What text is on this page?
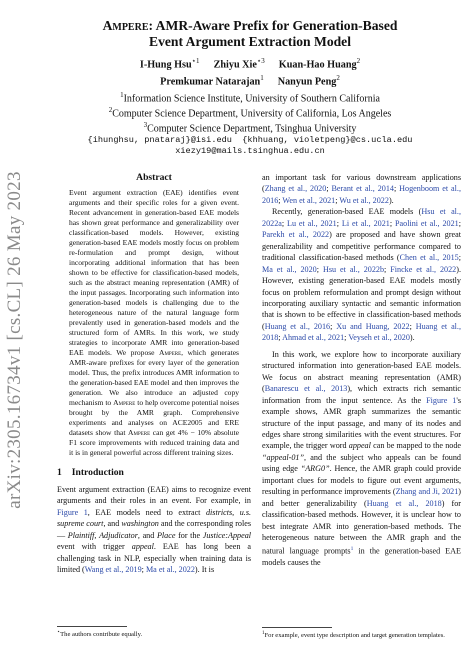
arXiv:2305.16734v1 [cs.CL] 26 May 2023
Ampere: AMR-Aware Prefix for Generation-Based
Event Argument Extraction Model
I-Hung Hsu$^{⋆1}$ Zhiyu Xie$^{⋆3}$ Kuan-Hao Huang$^2$
Premkumar Natarajan$^1$ Nanyun Peng$^2$
$^1$Information Science Institute, University of Southern California
$^2$Computer Science Department, University of California, Los Angeles
$^3$Computer Science Department, Tsinghua University
{ihunghsu, pnataraj}@isi.edu  {khhuang, violetpeng}@cs.ucla.edu
xiezy19@mails.tsinghua.edu.cn
Abstract

Event argument extraction (EAE) identifies event arguments and their specific roles for a given event. Recent advancement in generation-based EAE models has shown great performance and generalizability over classification-based models. However, existing generation-based EAE models mostly focus on problem re-formulation and prompt design, without incorporating additional information that has been shown to be effective for classification-based models, such as the abstract meaning representation (AMR) of the input passages. Incorporating such information into generation-based models is challenging due to the heterogeneous nature of the natural language form prevalently used in generation-based models and the structured form of AMRs. In this work, we study strategies to incorporate AMR into generation-based EAE models. We propose Ampere, which generates AMR-aware prefixes for every layer of the generation model. Thus, the prefix introduces AMR information to the generation-based EAE model and then improves the generation. We also introduce an adjusted copy mechanism to Ampere to help overcome potential noises brought by the AMR graph. Comprehensive experiments and analyses on ACE2005 and ERE datasets show that Ampere can get 4% − 10% absolute F1 score improvements with reduced training data and it is in general powerful across different training sizes.

1 Introduction

Event argument extraction (EAE) aims to recognize event arguments and their roles in an event. For example, in Figure 1, EAE models need to extract districts, u.s. supreme court, and washington and the corresponding roles — Plaintiff, Adjudicator, and Place for the Justice:Appeal event with trigger appeal. EAE has long been a challenging task in NLP, especially when training data is limited (Wang et al., 2019; Ma et al., 2022). It is

an important task for various downstream applications (Zhang et al., 2020; Berant et al., 2014; Hogenboom et al., 2016; Wen et al., 2021; Wu et al., 2022).

Recently, generation-based EAE models (Hsu et al., 2022a; Lu et al., 2021; Li et al., 2021; Paolini et al., 2021; Parekh et al., 2022) are proposed and have shown great generalizability and competitive performance compared to traditional classification-based methods (Chen et al., 2015; Ma et al., 2020; Hsu et al., 2022b; Fincke et al., 2022). However, existing generation-based EAE models mostly focus on problem reformulation and prompt design without incorporating auxiliary syntactic and semantic information that is shown to be effective in classification-based methods (Huang et al., 2016; Xu and Huang, 2022; Huang et al., 2018; Ahmad et al., 2021; Veyseh et al., 2020).

In this work, we explore how to incorporate auxiliary structured information into generation-based EAE models. We focus on abstract meaning representation (AMR) (Banarescu et al., 2013), which extracts rich semantic information from the input sentence. As the Figure 1's example shows, AMR graph summarizes the semantic structure of the input passage, and many of its nodes and edges share strong similarities with the event structures. For example, the trigger word appeal can be mapped to the node “appeal-01”, and the subject who appeals can be found using edge “ARG0”. Hence, the AMR graph could provide important clues for models to figure out event arguments, resulting in performance improvements (Zhang and Ji, 2021) and better generalizability (Huang et al., 2018) for classification-based methods. However, it is unclear how to best integrate AMR into generation-based methods. The heterogeneous nature between the AMR graph and the natural language prompts$^1$ in the generation-based EAE models causes the

⋆The authors contribute equally.	$^1$For example, event type description and target generation templates.
